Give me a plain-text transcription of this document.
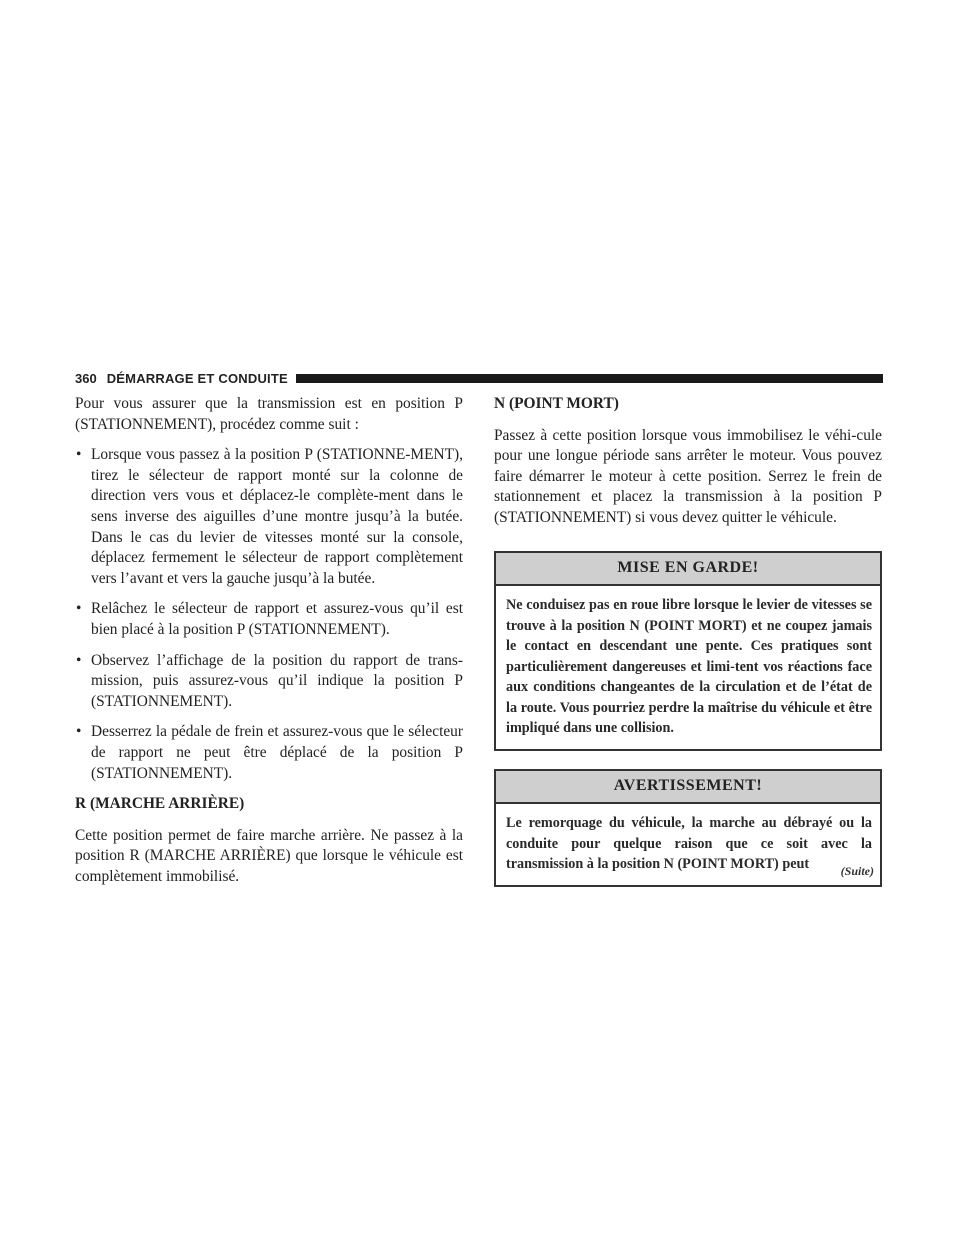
360 DÉMARRAGE ET CONDUITE

Pour vous assurer que la transmission est en position P (STATIONNEMENT), procédez comme suit :

• Lorsque vous passez à la position P (STATIONNE-MENT), tirez le sélecteur de rapport monté sur la colonne de direction vers vous et déplacez-le complète-ment dans le sens inverse des aiguilles d’une montre jusqu’à la butée. Dans le cas du levier de vitesses monté sur la console, déplacez fermement le sélecteur de rapport complètement vers l’avant et vers la gauche jusqu’à la butée.
• Relâchez le sélecteur de rapport et assurez-vous qu’il est bien placé à la position P (STATIONNEMENT).
• Observez l’affichage de la position du rapport de trans-mission, puis assurez-vous qu’il indique la position P (STATIONNEMENT).
• Desserrez la pédale de frein et assurez-vous que le sélecteur de rapport ne peut être déplacé de la position P (STATIONNEMENT).
R (MARCHE ARRIÈRE)

Cette position permet de faire marche arrière. Ne passez à la position R (MARCHE ARRIÈRE) que lorsque le véhicule est complètement immobilisé.

N (POINT MORT)

Passez à cette position lorsque vous immobilisez le véhi-cule pour une longue période sans arrêter le moteur. Vous pouvez faire démarrer le moteur à cette position. Serrez le frein de stationnement et placez la transmission à la position P (STATIONNEMENT) si vous devez quitter le véhicule.

MISE EN GARDE!
Ne conduisez pas en roue libre lorsque le levier de vitesses se trouve à la position N (POINT MORT) et ne coupez jamais le contact en descendant une pente. Ces pratiques sont particulièrement dangereuses et limi-tent vos réactions face aux conditions changeantes de la circulation et de l’état de la route. Vous pourriez perdre la maîtrise du véhicule et être impliqué dans une collision.
AVERTISSEMENT!
Le remorquage du véhicule, la marche au débrayé ou la conduite pour quelque raison que ce soit avec la transmission à la position N (POINT MORT) peut	(Suite)
